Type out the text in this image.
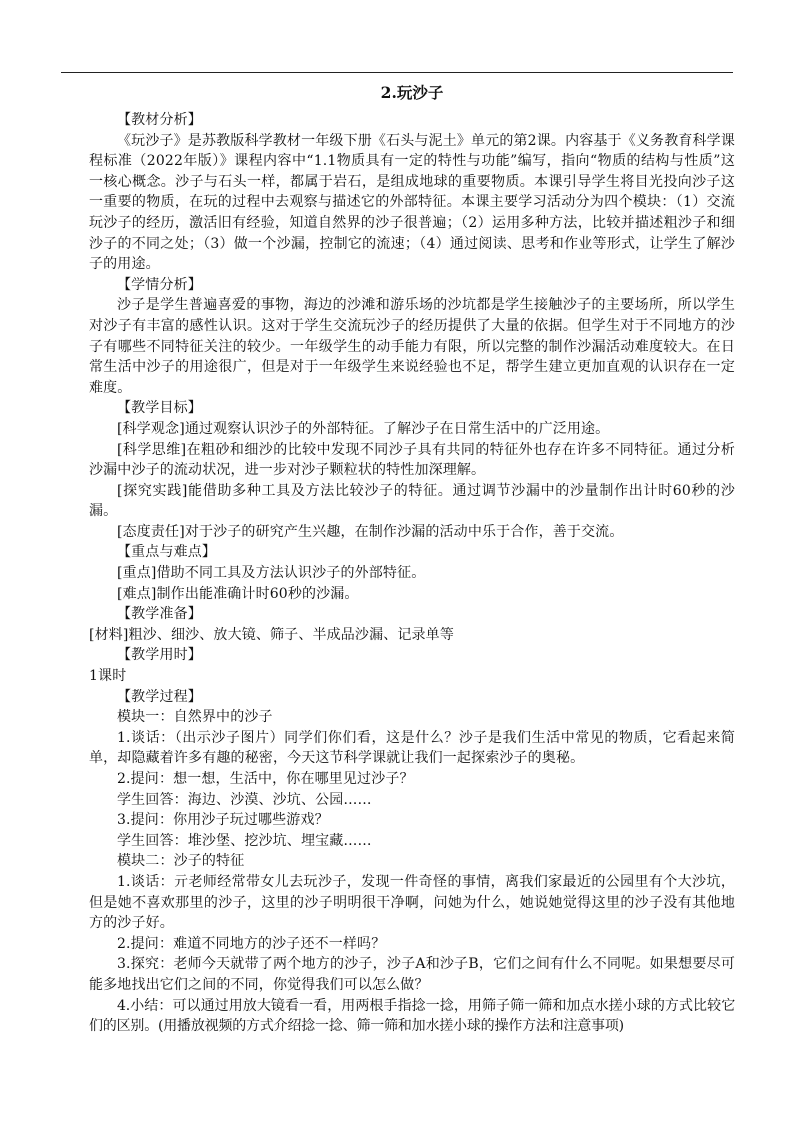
2.玩沙子

【教材分析】

《玩沙子》是苏教版科学教材一年级下册《石头与泥土》单元的第2课。内容基于《义务教育科学课程标准（2022年版）》课程内容中“1.1物质具有一定的特性与功能”编写，指向“物质的结构与性质”这一核心概念。沙子与石头一样，都属于岩石，是组成地球的重要物质。本课引导学生将目光投向沙子这一重要的物质，在玩的过程中去观察与描述它的外部特征。本课主要学习活动分为四个模块：（1）交流玩沙子的经历，激活旧有经验，知道自然界的沙子很普遍；（2）运用多种方法，比较并描述粗沙子和细沙子的不同之处；（3）做一个沙漏，控制它的流速；（4）通过阅读、思考和作业等形式，让学生了解沙子的用途。

【学情分析】

沙子是学生普遍喜爱的事物，海边的沙滩和游乐场的沙坑都是学生接触沙子的主要场所，所以学生对沙子有丰富的感性认识。这对于学生交流玩沙子的经历提供了大量的依据。但学生对于不同地方的沙子有哪些不同特征关注的较少。一年级学生的动手能力有限，所以完整的制作沙漏活动难度较大。在日常生活中沙子的用途很广，但是对于一年级学生来说经验也不足，帮学生建立更加直观的认识存在一定难度。

【教学目标】

[科学观念]通过观察认识沙子的外部特征。了解沙子在日常生活中的广泛用途。

[科学思维]在粗砂和细沙的比较中发现不同沙子具有共同的特征外也存在许多不同特征。通过分析沙漏中沙子的流动状况，进一步对沙子颗粒状的特性加深理解。

[探究实践]能借助多种工具及方法比较沙子的特征。通过调节沙漏中的沙量制作出计时60秒的沙漏。

[态度责任]对于沙子的研究产生兴趣，在制作沙漏的活动中乐于合作，善于交流。

【重点与难点】

[重点]借助不同工具及方法认识沙子的外部特征。

[难点]制作出能准确计时60秒的沙漏。

【教学准备】

[材料]粗沙、细沙、放大镜、筛子、半成品沙漏、记录单等

【教学用时】

1课时

【教学过程】

模块一：自然界中的沙子

1.谈话：（出示沙子图片）同学们你们看，这是什么？沙子是我们生活中常见的物质，它看起来简单，却隐藏着许多有趣的秘密，今天这节科学课就让我们一起探索沙子的奥秘。

2.提问：想一想，生活中，你在哪里见过沙子？

学生回答：海边、沙漠、沙坑、公园……

3.提问：你用沙子玩过哪些游戏？

学生回答：堆沙堡、挖沙坑、埋宝藏……

模块二：沙子的特征

1.谈话：亓老师经常带女儿去玩沙子，发现一件奇怪的事情，离我们家最近的公园里有个大沙坑，但是她不喜欢那里的沙子，这里的沙子明明很干净啊，问她为什么，她说她觉得这里的沙子没有其他地方的沙子好。

2.提问：难道不同地方的沙子还不一样吗？

3.探究：老师今天就带了两个地方的沙子，沙子A和沙子B，它们之间有什么不同呢。如果想要尽可能多地找出它们之间的不同，你觉得我们可以怎么做？

4.小结：可以通过用放大镜看一看，用两根手指捻一捻，用筛子筛一筛和加点水搓小球的方式比较它们的区别。(用播放视频的方式介绍捻一捻、筛一筛和加水搓小球的操作方法和注意事项)
